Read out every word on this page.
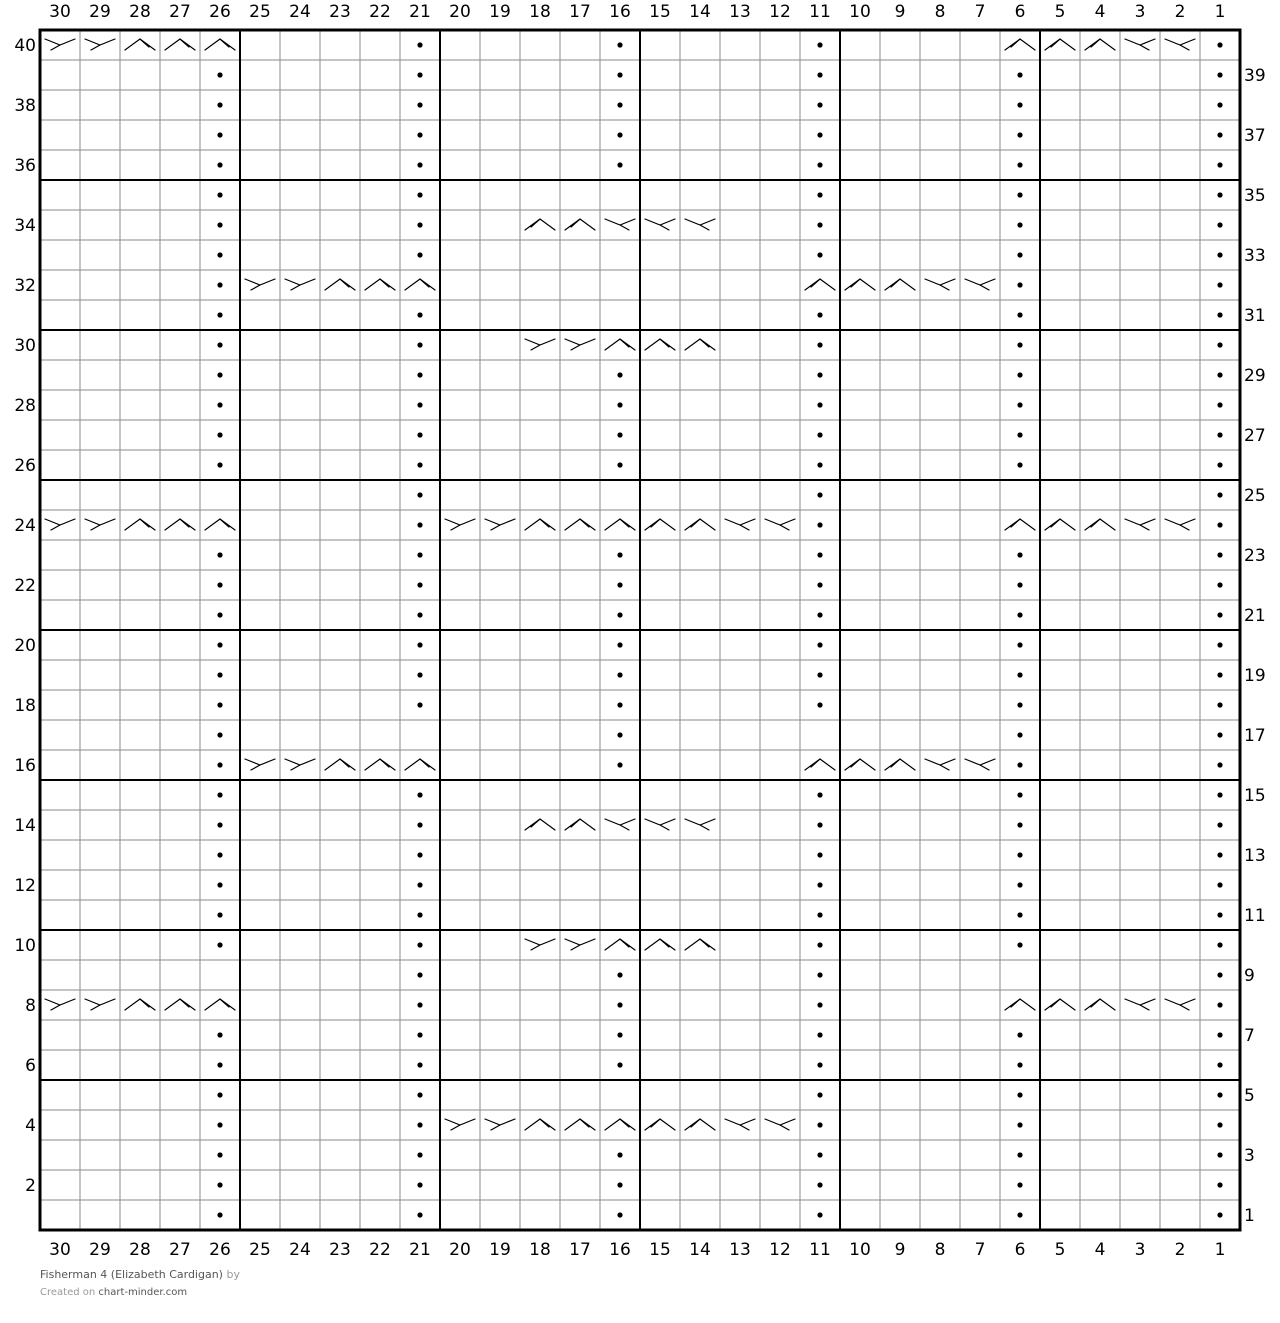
1
1
2
2
3
3
4
4
5
5
6
6
7
7
8
8
9
9
10
10
11
11
12
12
13
13
14
14
15
15
16
16
17
17
18
18
19
19
20
20
21
21
22
22
23
23
24
24
25
25
26
26
27
27
28
28
29
29
30
30
1
2
3
4
5
6
7
8
9
10
11
12
13
14
15
16
17
18
19
20
21
22
23
24
25
26
27
28
29
30
31
32
33
34
35
36
37
38
39
40
Fisherman 4 (Elizabeth Cardigan) by
Created on chart-minder.com
